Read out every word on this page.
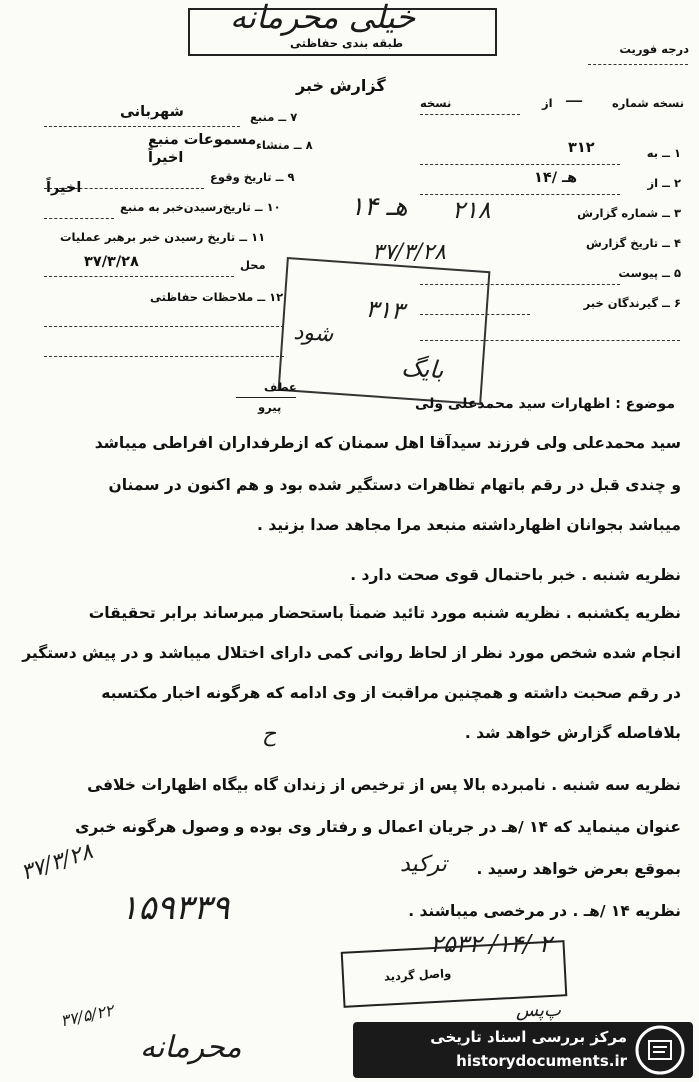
خیلی محرمانه
طبقه بندی حفاظتی	درجه فوریت
گزارش خبر
نسخه شماره
ـــ
از
نسخه
۱ ــ به
۳۱۲
۲ ــ از
۱۴/ هـ
۳ ــ شماره گزارش
۲۱۸
۱۴ هـ
۴ ــ تاریخ گزارش
۳۷/۳/۲۸
۵ ــ پیوست
۶ ــ گیرندگان خبر
۷ ــ منبع
شهربانی
۸ ــ منشاء
مسموعات منبع
اخیراً
۹ ــ تاریخ وقوع
۱۰ ــ تاریخ‌رسیدن‌خبر به منبع
اخیراً
۱۱ ــ تاریخ رسیدن خبر برهبر عملیات
محل
۳۷/۳/۲۸
۱۲ ــ ملاحظات حفاظتی	۳۱۳
شود
بایگ
عطف
پیرو	موضوع : اظهارات سید محمدعلی ولی
سید محمدعلی ولی فرزند سیدآقا اهل سمنان که ازطرفداران افراطی میباشد
و چندی قبل در رقم باتهام تظاهرات دستگیر شده بود و هم اکنون در سمنان
میباشد بجوانان اظهارداشته منبعد مرا مجاهد صدا بزنید .
نظریه شنبه . خبر باحتمال قوی صحت دارد .
نظریه یکشنبه . نظریه شنبه مورد تائید ضمناً باستحضار میرساند برابر تحقیقات
انجام شده شخص مورد نظر از لحاظ روانی کمی دارای اختلال میباشد و در پیش دستگیر
در رقم صحبت داشته و همچنین مراقبت از وی ادامه که هرگونه اخبار مکتسبه
بلافاصله گزارش خواهد شد .
نظریه سه شنبه . نامبرده بالا پس از ترخیص از زندان گاه بیگاه اظهارات خلافی
عنوان مینماید که ۱۴ /هـ در جریان اعمال و رفتار وی بوده و وصول هرگونه خبری
بموقع بعرض خواهد رسید .
نظریه ۱۴ /هـ . در مرخصی میباشند .
ح
۱۵۹۳۳۹
۳۷/۳/۲۸	ترکید
۳۷/۵/۲۲
۲۵۳۲ /۱۴/ ۲
واصل گردید
پ‌پس
محرمانه	مرکز بررسی اسناد تاریخی
historydocuments.ir
